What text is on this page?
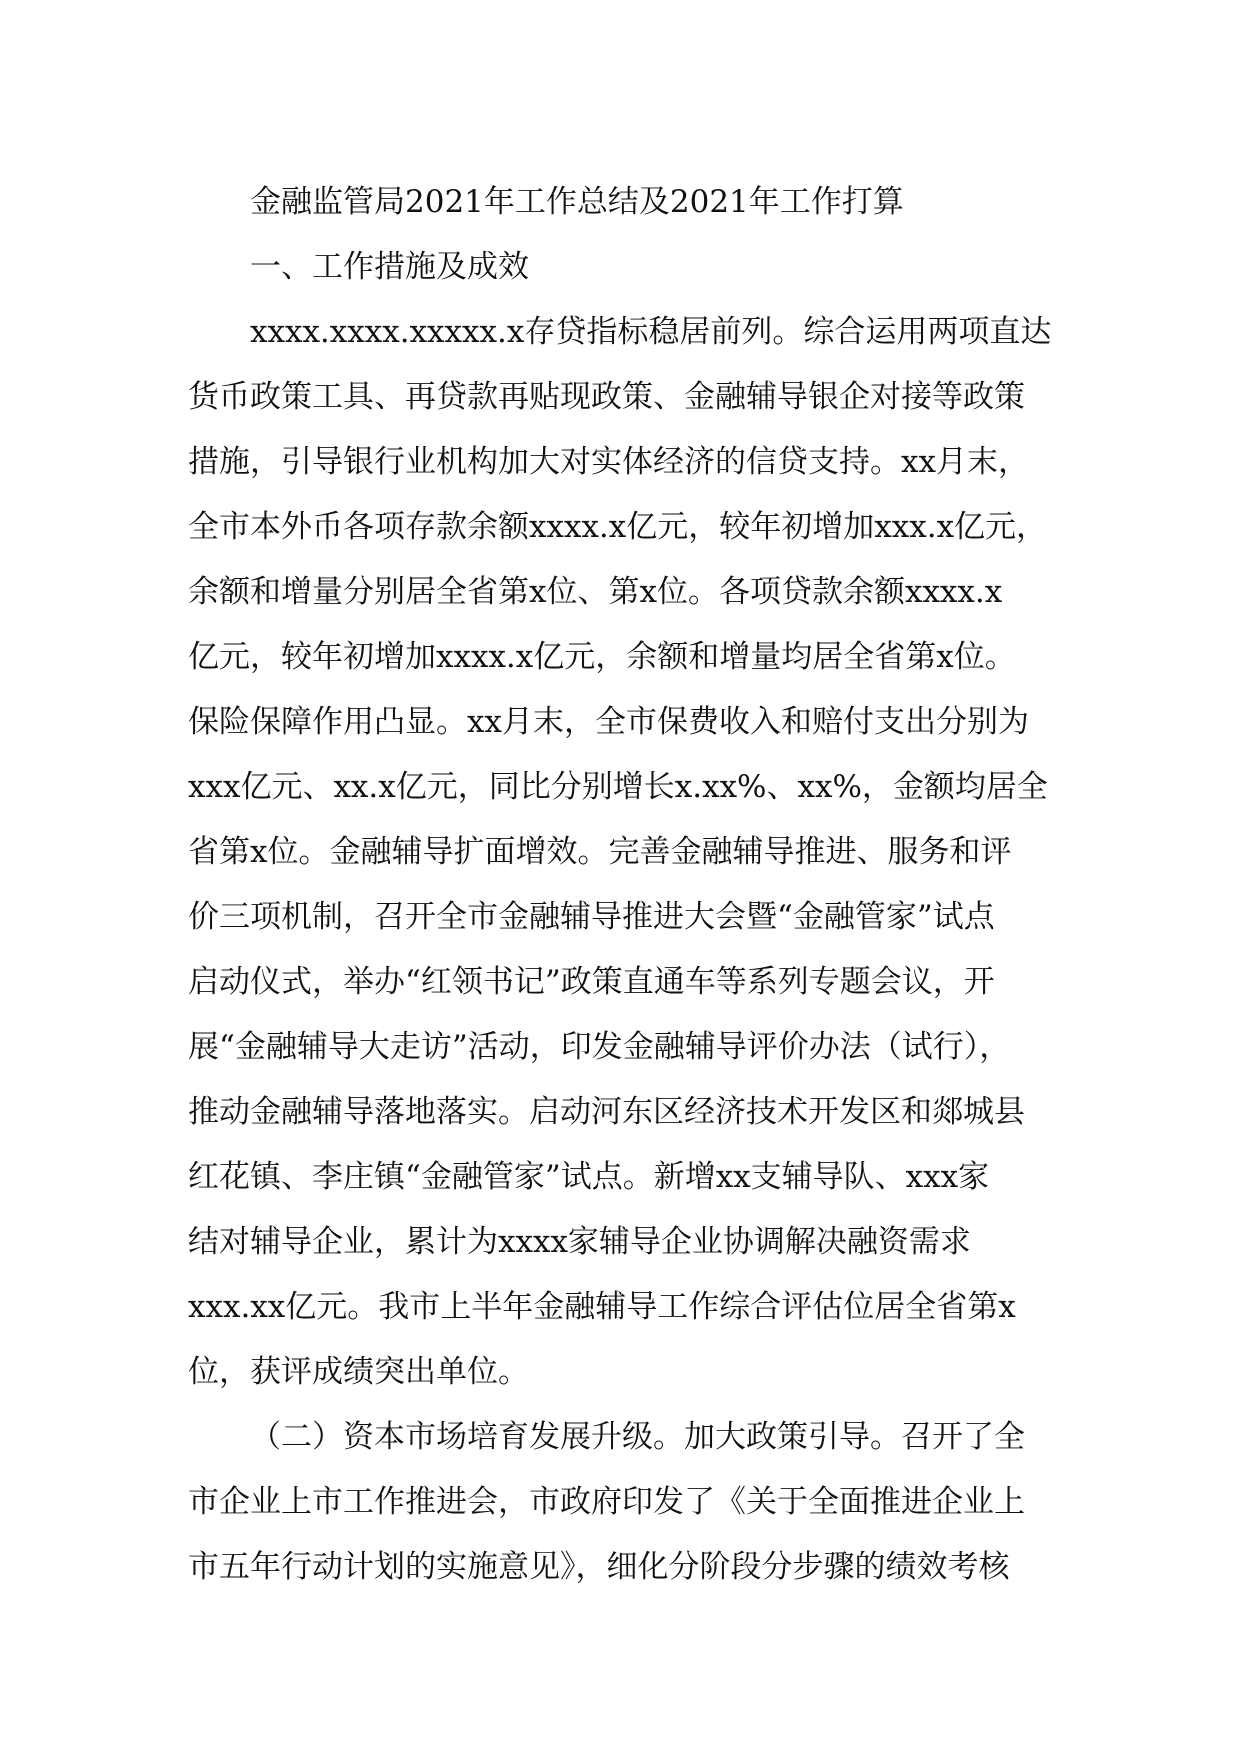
金融监管局2021年工作总结及2021年工作打算
一、工作措施及成效
xxxx.xxxx.xxxxx.x存贷指标稳居前列。综合运用两项直达
货币政策工具、再贷款再贴现政策、金融辅导银企对接等政策
措施，引导银行业机构加大对实体经济的信贷支持。xx月末，
全市本外币各项存款余额xxxx.x亿元，较年初增加xxx.x亿元，
余额和增量分别居全省第x位、第x位。各项贷款余额xxxx.x
亿元，较年初增加xxxx.x亿元，余额和增量均居全省第x位。
保险保障作用凸显。xx月末，全市保费收入和赔付支出分别为
xxx亿元、xx.x亿元，同比分别增长x.xx%、xx%，金额均居全
省第x位。金融辅导扩面增效。完善金融辅导推进、服务和评
价三项机制，召开全市金融辅导推进大会暨“金融管家”试点
启动仪式，举办“红领书记”政策直通车等系列专题会议，开
展“金融辅导大走访”活动，印发金融辅导评价办法（试行），
推动金融辅导落地落实。启动河东区经济技术开发区和郯城县
红花镇、李庄镇“金融管家”试点。新增xx支辅导队、xxx家
结对辅导企业，累计为xxxx家辅导企业协调解决融资需求
xxx.xx亿元。我市上半年金融辅导工作综合评估位居全省第x
位，获评成绩突出单位。
（二）资本市场培育发展升级。加大政策引导。召开了全
市企业上市工作推进会，市政府印发了《关于全面推进企业上
市五年行动计划的实施意见》，细化分阶段分步骤的绩效考核
